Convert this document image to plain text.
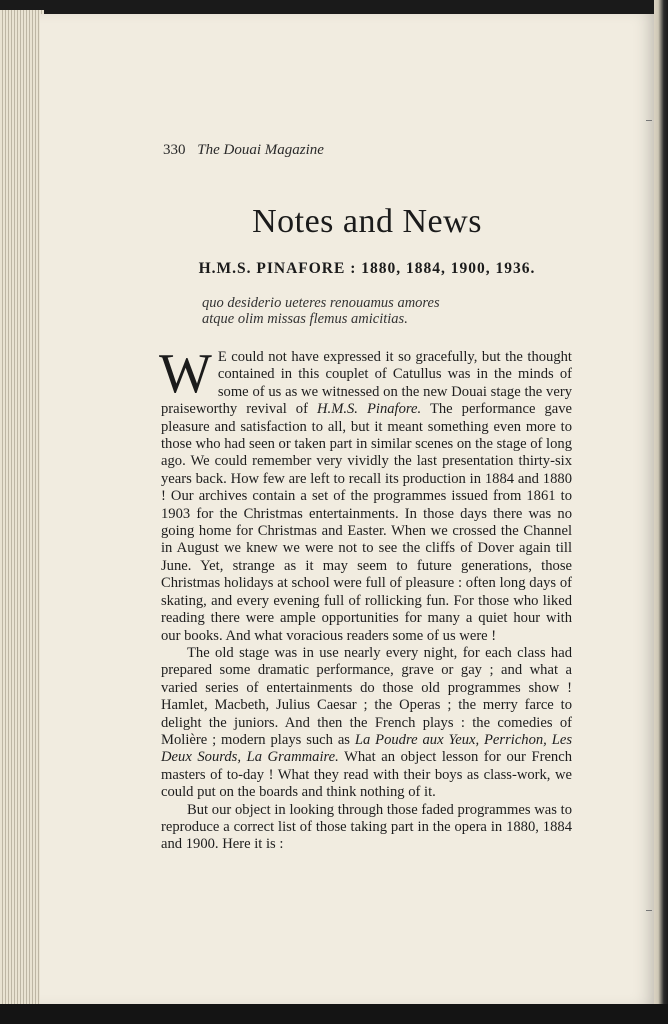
330 The Douai Magazine
Notes and News
H.M.S. PINAFORE : 1880, 1884, 1900, 1936.
quo desiderio ueteres renouamus amores
atque olim missas flemus amicitias.

W E could not have expressed it so gracefully, but the thought contained in this couplet of Catullus was in the minds of some of us as we witnessed on the new Douai stage the very praiseworthy revival of H.M.S. Pinafore. The performance gave pleasure and satisfaction to all, but it meant something even more to those who had seen or taken part in similar scenes on the stage of long ago. We could remember very vividly the last presentation thirty-six years back. How few are left to recall its production in 1884 and 1880 ! Our archives contain a set of the programmes issued from 1861 to 1903 for the Christmas entertainments. In those days there was no going home for Christmas and Easter. When we crossed the Channel in August we knew we were not to see the cliffs of Dover again till June. Yet, strange as it may seem to future generations, those Christmas holidays at school were full of pleasure : often long days of skating, and every evening full of rollicking fun. For those who liked reading there were ample opportunities for many a quiet hour with our books. And what voracious readers some of us were !

The old stage was in use nearly every night, for each class had prepared some dramatic performance, grave or gay ; and what a varied series of entertainments do those old programmes show ! Hamlet, Macbeth, Julius Caesar ; the Operas ; the merry farce to delight the juniors. And then the French plays : the comedies of Molière ; modern plays such as La Poudre aux Yeux, Perrichon, Les Deux Sourds, La Grammaire. What an object lesson for our French masters of to-day ! What they read with their boys as class-work, we could put on the boards and think nothing of it.

But our object in looking through those faded programmes was to reproduce a correct list of those taking part in the opera in 1880, 1884 and 1900. Here it is :
